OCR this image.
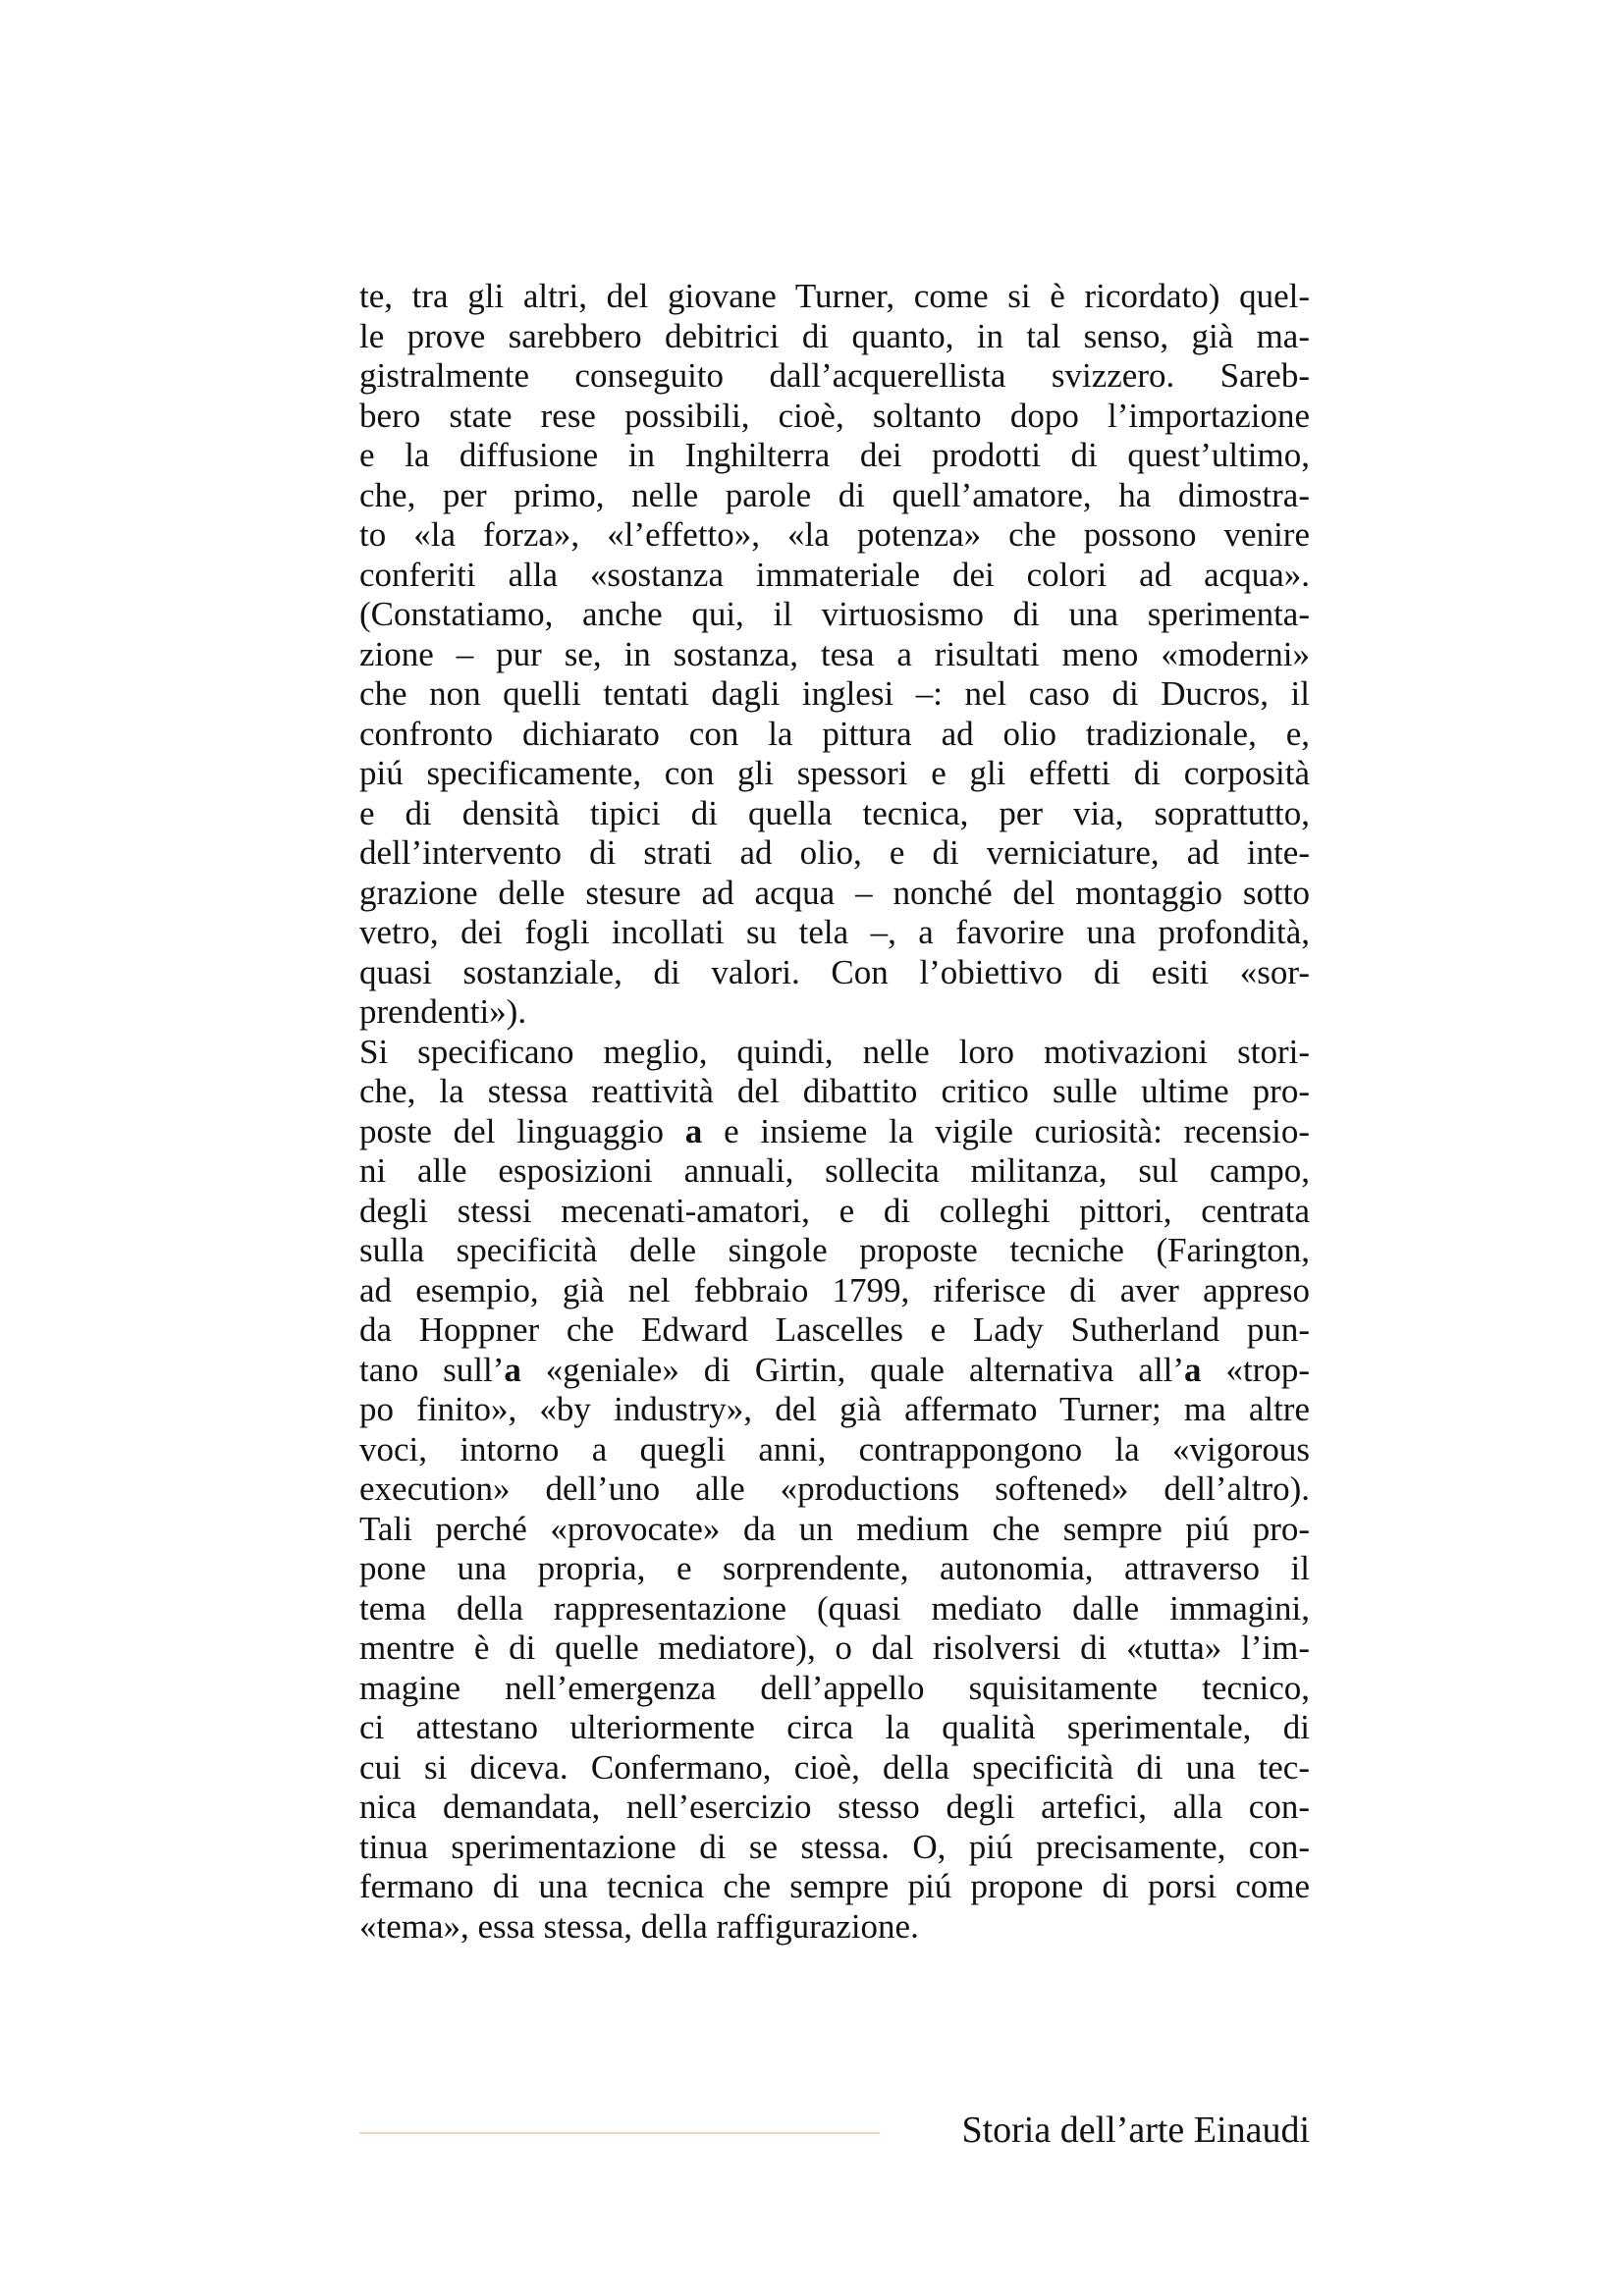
te, tra gli altri, del giovane Turner, come si è ricordato) quel-
le prove sarebbero debitrici di quanto, in tal senso, già ma-
gistralmente conseguito dall’acquerellista svizzero. Sareb-
bero state rese possibili, cioè, soltanto dopo l’importazione
e la diffusione in Inghilterra dei prodotti di quest’ultimo,
che, per primo, nelle parole di quell’amatore, ha dimostra-
to «la forza», «l’effetto», «la potenza» che possono venire
conferiti alla «sostanza immateriale dei colori ad acqua».
(Constatiamo, anche qui, il virtuosismo di una sperimenta-
zione – pur se, in sostanza, tesa a risultati meno «moderni»
che non quelli tentati dagli inglesi –: nel caso di Ducros, il
confronto dichiarato con la pittura ad olio tradizionale, e,
piú specificamente, con gli spessori e gli effetti di corposità
e di densità tipici di quella tecnica, per via, soprattutto,
dell’intervento di strati ad olio, e di verniciature, ad inte-
grazione delle stesure ad acqua – nonché del montaggio sotto
vetro, dei fogli incollati su tela –, a favorire una profondità,
quasi sostanziale, di valori. Con l’obiettivo di esiti «sor-
prendenti»).
Si specificano meglio, quindi, nelle loro motivazioni stori-
che, la stessa reattività del dibattito critico sulle ultime pro-
poste del linguaggio a e insieme la vigile curiosità: recensio-
ni alle esposizioni annuali, sollecita militanza, sul campo,
degli stessi mecenati-amatori, e di colleghi pittori, centrata
sulla specificità delle singole proposte tecniche (Farington,
ad esempio, già nel febbraio 1799, riferisce di aver appreso
da Hoppner che Edward Lascelles e Lady Sutherland pun-
tano sull’a «geniale» di Girtin, quale alternativa all’a «trop-
po finito», «by industry», del già affermato Turner; ma altre
voci, intorno a quegli anni, contrappongono la «vigorous
execution» dell’uno alle «productions softened» dell’altro).
Tali perché «provocate» da un medium che sempre piú pro-
pone una propria, e sorprendente, autonomia, attraverso il
tema della rappresentazione (quasi mediato dalle immagini,
mentre è di quelle mediatore), o dal risolversi di «tutta» l’im-
magine nell’emergenza dell’appello squisitamente tecnico,
ci attestano ulteriormente circa la qualità sperimentale, di
cui si diceva. Confermano, cioè, della specificità di una tec-
nica demandata, nell’esercizio stesso degli artefici, alla con-
tinua sperimentazione di se stessa. O, piú precisamente, con-
fermano di una tecnica che sempre piú propone di porsi come
«tema», essa stessa, della raffigurazione.
Storia dell’arte Einaudi
